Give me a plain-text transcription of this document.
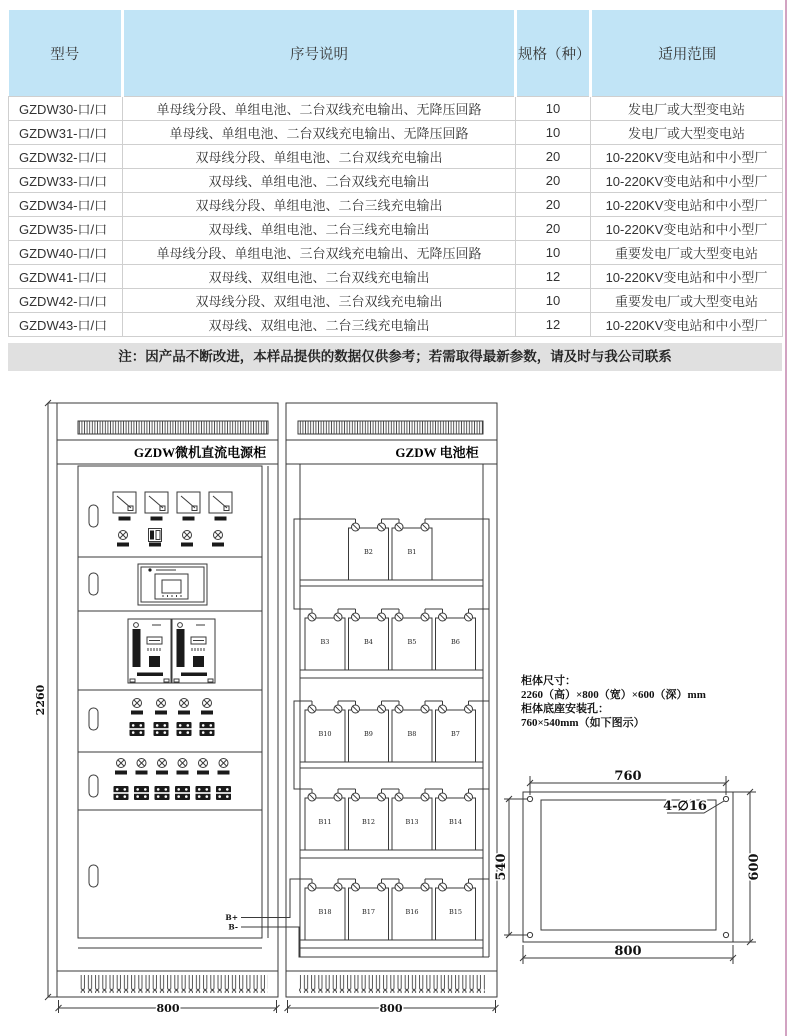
型号	序号说明	规格（种）	适用范围
GZDW30-口/口	单母线分段、单组电池、二台双线充电输出、无降压回路	10	发电厂或大型变电站
GZDW31-口/口	单母线、单组电池、二台双线充电输出、无降压回路	10	发电厂或大型变电站
GZDW32-口/口	双母线分段、单组电池、二台双线充电输出	20	10-220KV变电站和中小型厂
GZDW33-口/口	双母线、单组电池、二台双线充电输出	20	10-220KV变电站和中小型厂
GZDW34-口/口	双母线分段、单组电池、二台三线充电输出	20	10-220KV变电站和中小型厂
GZDW35-口/口	双母线、单组电池、二台三线充电输出	20	10-220KV变电站和中小型厂
GZDW40-口/口	单母线分段、单组电池、三台双线充电输出、无降压回路	10	重要发电厂或大型变电站
GZDW41-口/口	双母线、双组电池、二台双线充电输出	12	10-220KV变电站和中小型厂
GZDW42-口/口	双母线分段、双组电池、三台双线充电输出	10	重要发电厂或大型变电站
GZDW43-口/口	双母线、双组电池、二台三线充电输出	12	10-220KV变电站和中小型厂
注：因产品不断改进，本样品提供的数据仅供参考；若需取得最新参数，请及时与我公司联系
2260
GZDW微机直流电源柜
B+
B-
800
GZDW 电池柜
B2	B1
B3	B4	B5	B6
B10	B9	B8	B7
B11	B12	B13	B14
B18	B17	B16	B15
800
柜体尺寸：
2260（高）×800（宽）×600（深）mm
柜体底座安装孔：
760×540mm（如下图示）
4-∅16
760
540	600
800
